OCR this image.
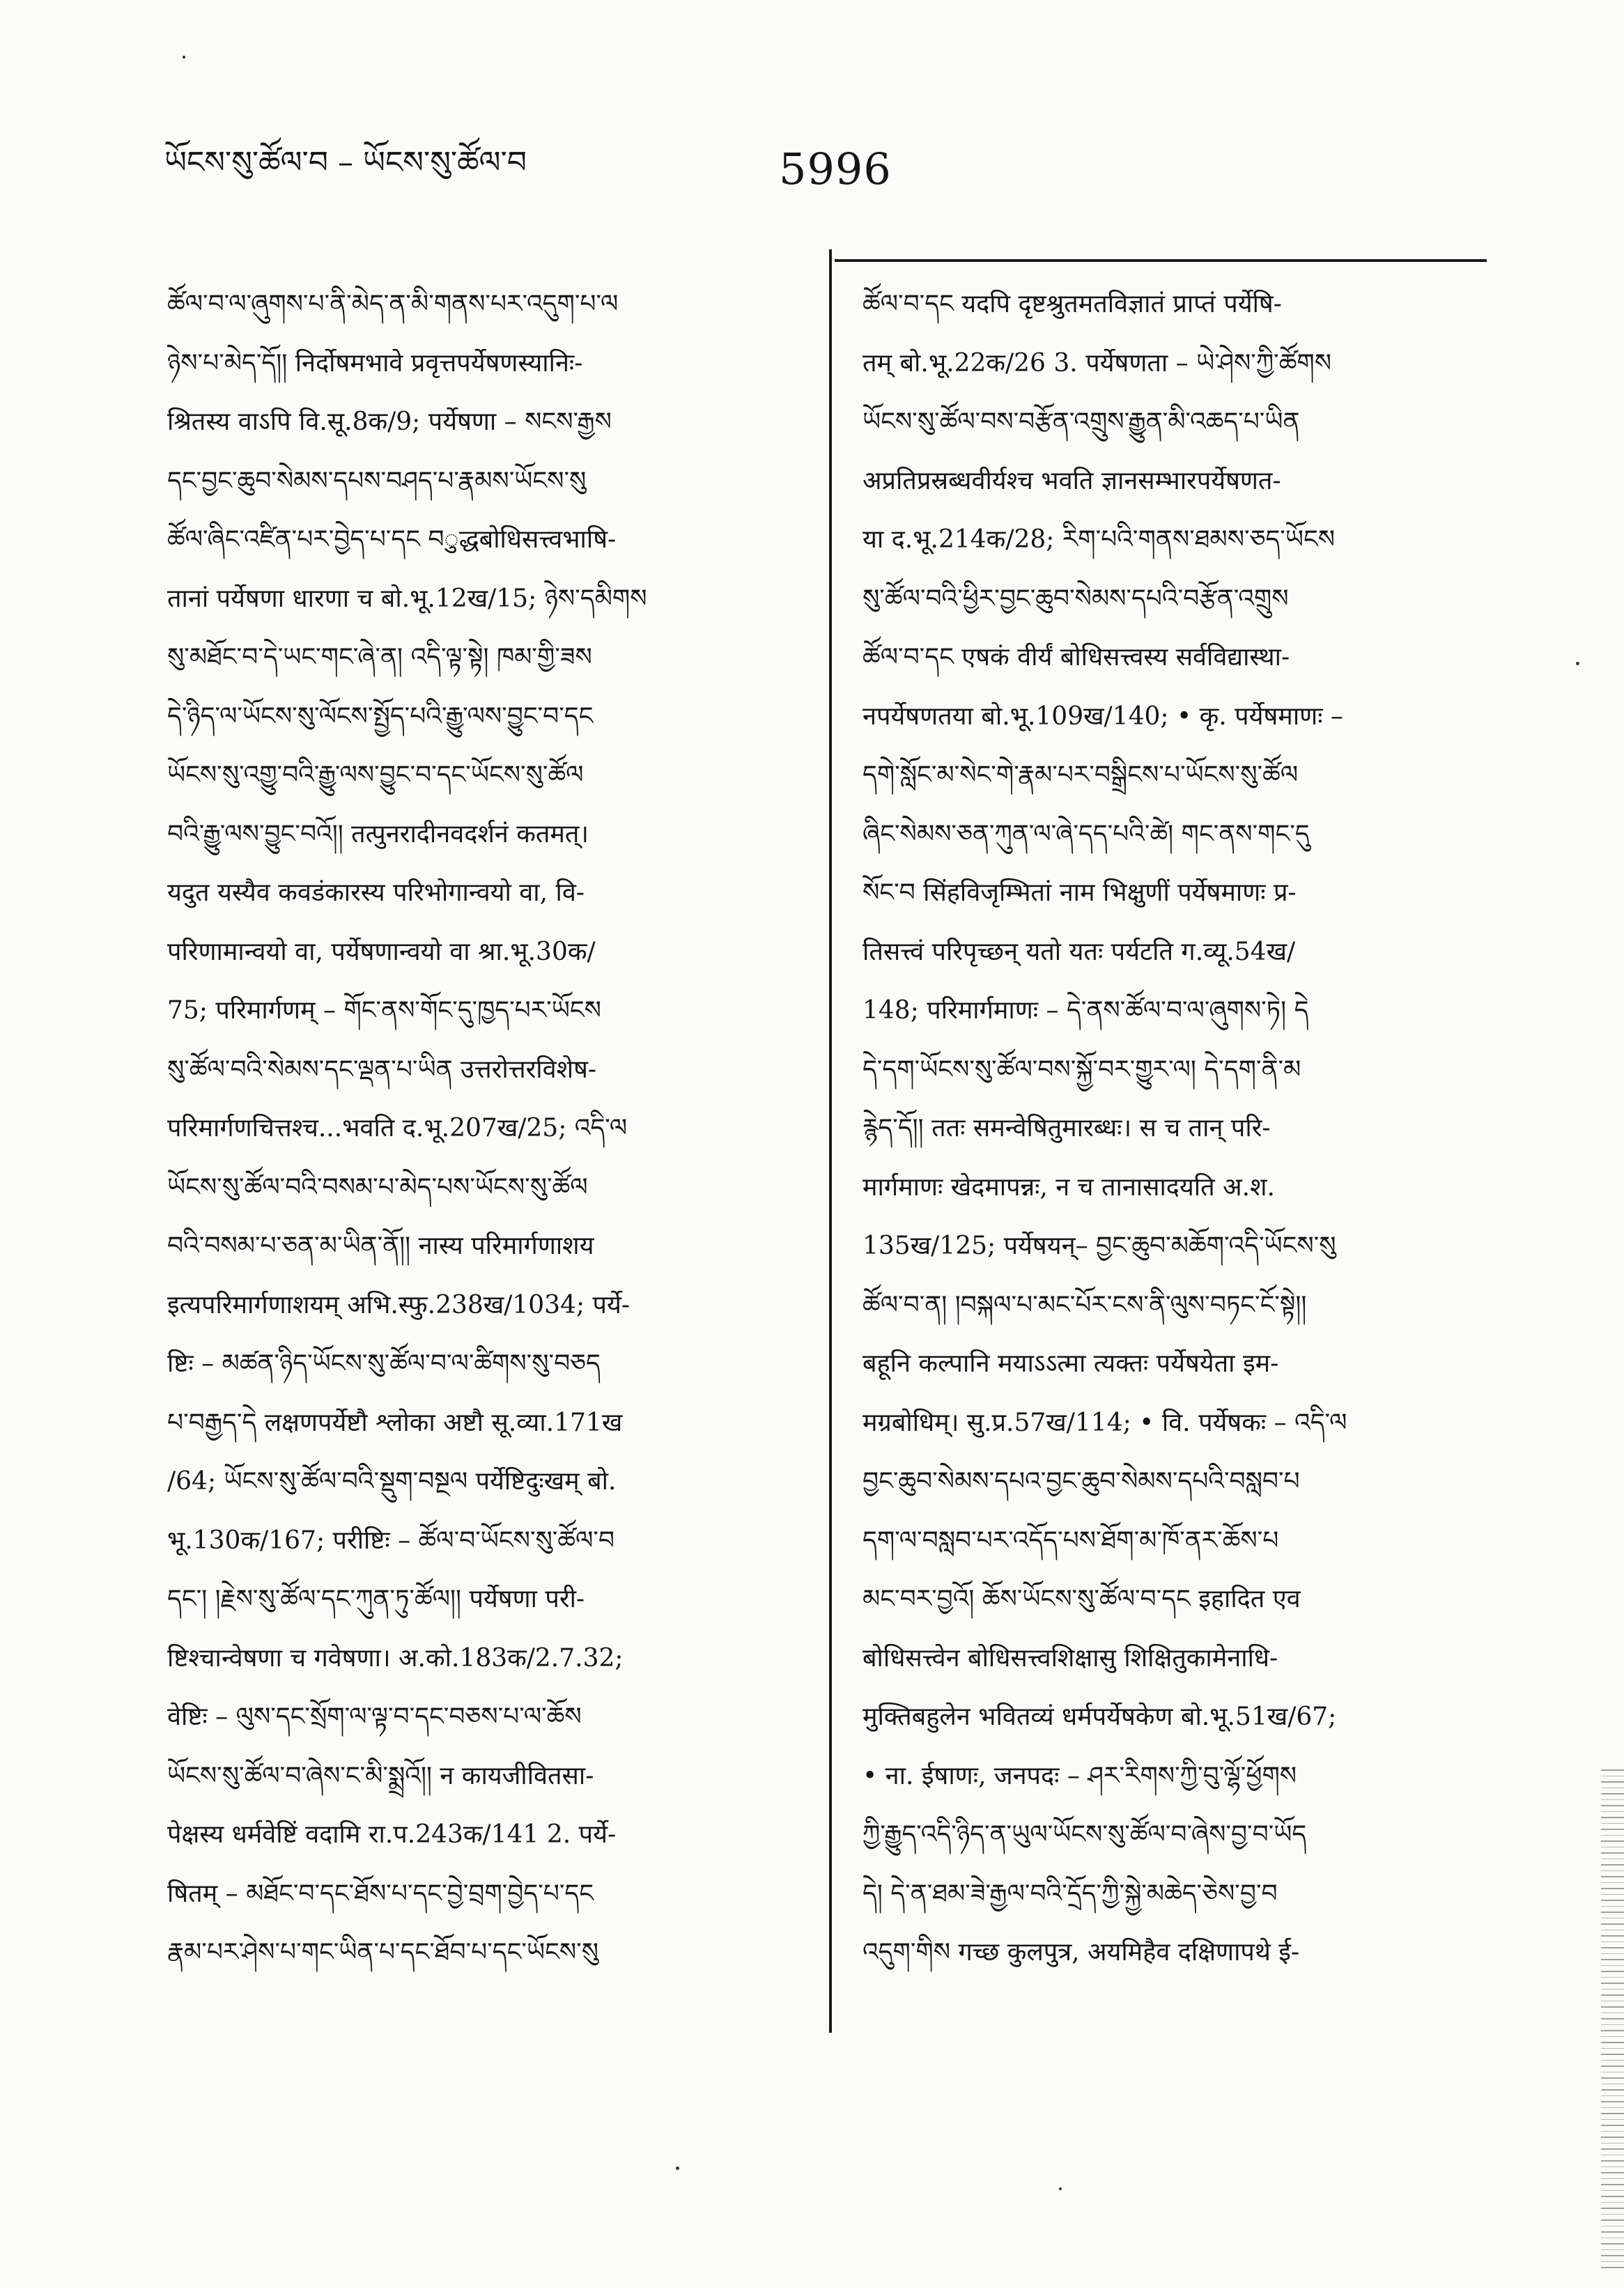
ཡོངས་སུ་ཚོལ་བ – ཡོངས་སུ་ཚོལ་བ	5996
ཚོལ་བ་ལ་ཞུགས་པ་ནི་མེད་ན་མི་གནས་པར་འདུག་པ་ལ
ཉེས་པ་མེད་དོ།། निर्दोषमभावे प्रवृत्तपर्येषणस्यानिः-
श्रितस्य वाऽपि वि.सू.8क/9; पर्येषणा – སངས་རྒྱས
དང་བྱང་ཆུབ་སེམས་དཔས་བཤད་པ་རྣམས་ཡོངས་སུ
ཚོལ་ཞིང་འཛིན་པར་བྱེད་པ་དང བुद्धबोधिसत्त्वभाषि-
तानां पर्येषणा धारणा च बो.भू.12ख/15; ཉེས་དམིགས
སུ་མཐོང་བ་དེ་ཡང་གང་ཞེ་ན། འདི་ལྟ་སྟེ། ཁམ་གྱི་ཟས
དེ་ཉིད་ལ་ཡོངས་སུ་ལོངས་སྤྱོད་པའི་རྒྱུ་ལས་བྱུང་བ་དང
ཡོངས་སུ་འགྱུ་བའི་རྒྱུ་ལས་བྱུང་བ་དང་ཡོངས་སུ་ཚོལ
བའི་རྒྱུ་ལས་བྱུང་བའོ།། तत्पुनरादीनवदर्शनं कतमत्।
यदुत यस्यैव कवडंकारस्य परिभोगान्वयो वा, वि-
परिणामान्वयो वा, पर्येषणान्वयो वा श्रा.भू.30क/
75; परिमार्गणम् – གོང་ནས་གོང་དུ་ཁྱད་པར་ཡོངས
སུ་ཚོལ་བའི་སེམས་དང་ལྡན་པ་ཡིན उत्तरोत्तरविशेष-
परिमार्गणचित्तश्च...भवति द.भू.207ख/25; འདི་ལ
ཡོངས་སུ་ཚོལ་བའི་བསམ་པ་མེད་པས་ཡོངས་སུ་ཚོལ
བའི་བསམ་པ་ཅན་མ་ཡིན་ནོ།། नास्य परिमार्गणाशय
इत्यपरिमार्गणाशयम् अभि.स्फु.238ख/1034; पर्ये-
ष्टिः – མཚན་ཉིད་ཡོངས་སུ་ཚོལ་བ་ལ་ཚིགས་སུ་བཅད
པ་བརྒྱད་དེ लक्षणपर्येष्टौ श्लोका अष्टौ सू.व्या.171ख
/64; ཡོངས་སུ་ཚོལ་བའི་སྡུག་བསྔལ पर्येष्टिदुःखम् बो.
भू.130क/167; परीष्टिः – ཚོལ་བ་ཡོངས་སུ་ཚོལ་བ
དང་། །རྗེས་སུ་ཚོལ་དང་ཀུན་ཏུ་ཚོལ།། पर्येषणा परी-
ष्टिश्चान्वेषणा च गवेषणा। अ.को.183क/2.7.32;
वेष्टिः – ལུས་དང་སྲོག་ལ་ལྟ་བ་དང་བཅས་པ་ལ་ཆོས
ཡོངས་སུ་ཚོལ་བ་ཞེས་ང་མི་སྨྲའོ།། न कायजीवितसा-
पेक्षस्य धर्मवेष्टिं वदामि रा.प.243क/141 2. पर्ये-
षितम् – མཐོང་བ་དང་ཐོས་པ་དང་བྱེ་བྲག་བྱེད་པ་དང
རྣམ་པར་ཤེས་པ་གང་ཡིན་པ་དང་ཐོབ་པ་དང་ཡོངས་སུ
ཚོལ་བ་དང यदपि दृष्टश्रुतमतविज्ञातं प्राप्तं पर्येषि-
तम् बो.भू.22क/26 3. पर्येषणता – ཡེ་ཤེས་ཀྱི་ཚོགས
ཡོངས་སུ་ཚོལ་བས་བརྩོན་འགྲུས་རྒྱུན་མི་འཆད་པ་ཡིན
अप्रतिप्रस्रब्धवीर्यश्च भवति ज्ञानसम्भारपर्येषणत-
या द.भू.214क/28; རིག་པའི་གནས་ཐམས་ཅད་ཡོངས
སུ་ཚོལ་བའི་ཕྱིར་བྱང་ཆུབ་སེམས་དཔའི་བརྩོན་འགྲུས
ཚོལ་བ་དང एषकं वीर्यं बोधिसत्त्वस्य सर्वविद्यास्था-
नपर्येषणतया बो.भू.109ख/140; • कृ. पर्येषमाणः –
དགེ་སློང་མ་སེང་གེ་རྣམ་པར་བསྒྲིངས་པ་ཡོངས་སུ་ཚོལ
ཞིང་སེམས་ཅན་ཀུན་ལ་ཞེ་དད་པའི་ཚེ། གང་ནས་གང་དུ
སོང་བ सिंहविजृम्भितां नाम भिक्षुणीं पर्येषमाणः प्र-
तिसत्त्वं परिपृच्छन् यतो यतः पर्यटति ग.व्यू.54ख/
148; परिमार्गमाणः – དེ་ནས་ཚོལ་བ་ལ་ཞུགས་ཏེ། དེ
དེ་དག་ཡོངས་སུ་ཚོལ་བས་སྐྱོ་བར་གྱུར་ལ། དེ་དག་ནི་མ
རྙེད་དོ།། ततः समन्वेषितुमारब्धः। स च तान् परि-
मार्गमाणः खेदमापन्नः, न च तानासादयति अ.श.
135ख/125; पर्येषयन्– བྱང་ཆུབ་མཆོག་འདི་ཡོངས་སུ
ཚོལ་བ་ན། །བསྐལ་པ་མང་པོར་ངས་ནི་ལུས་བཏང་ངོ་སྟེ།།
बहूनि कल्पानि मयाऽऽत्मा त्यक्तः पर्येषयेता इम-
मग्रबोधिम्। सु.प्र.57ख/114; • वि. पर्येषकः – འདི་ལ
བྱང་ཆུབ་སེམས་དཔའ་བྱང་ཆུབ་སེམས་དཔའི་བསླབ་པ
དག་ལ་བསླབ་པར་འདོད་པས་ཐོག་མ་ཁོ་ནར་ཆོས་པ
མང་བར་བྱའོ། ཆོས་ཡོངས་སུ་ཚོལ་བ་དང इहादित एव
बोधिसत्त्वेन बोधिसत्त्वशिक्षासु शिक्षितुकामेनाधि-
मुक्तिबहुलेन भवितव्यं धर्मपर्येषकेण बो.भू.51ख/67;
• ना. ईषाणः, जनपदः – ཤར་རིགས་ཀྱི་བུ་ལྷོ་ཕྱོགས
ཀྱི་རྒྱུད་འདི་ཉིད་ན་ཡུལ་ཡོངས་སུ་ཚོལ་བ་ཞེས་བྱ་བ་ཡོད
དེ། དེ་ན་ཐམ་ཟེ་རྒྱལ་བའི་དྲོད་ཀྱི་སྐྱེ་མཆེད་ཅེས་བྱ་བ
འདུག་གིས गच्छ कुलपुत्र, अयमिहैव दक्षिणापथे ई-
